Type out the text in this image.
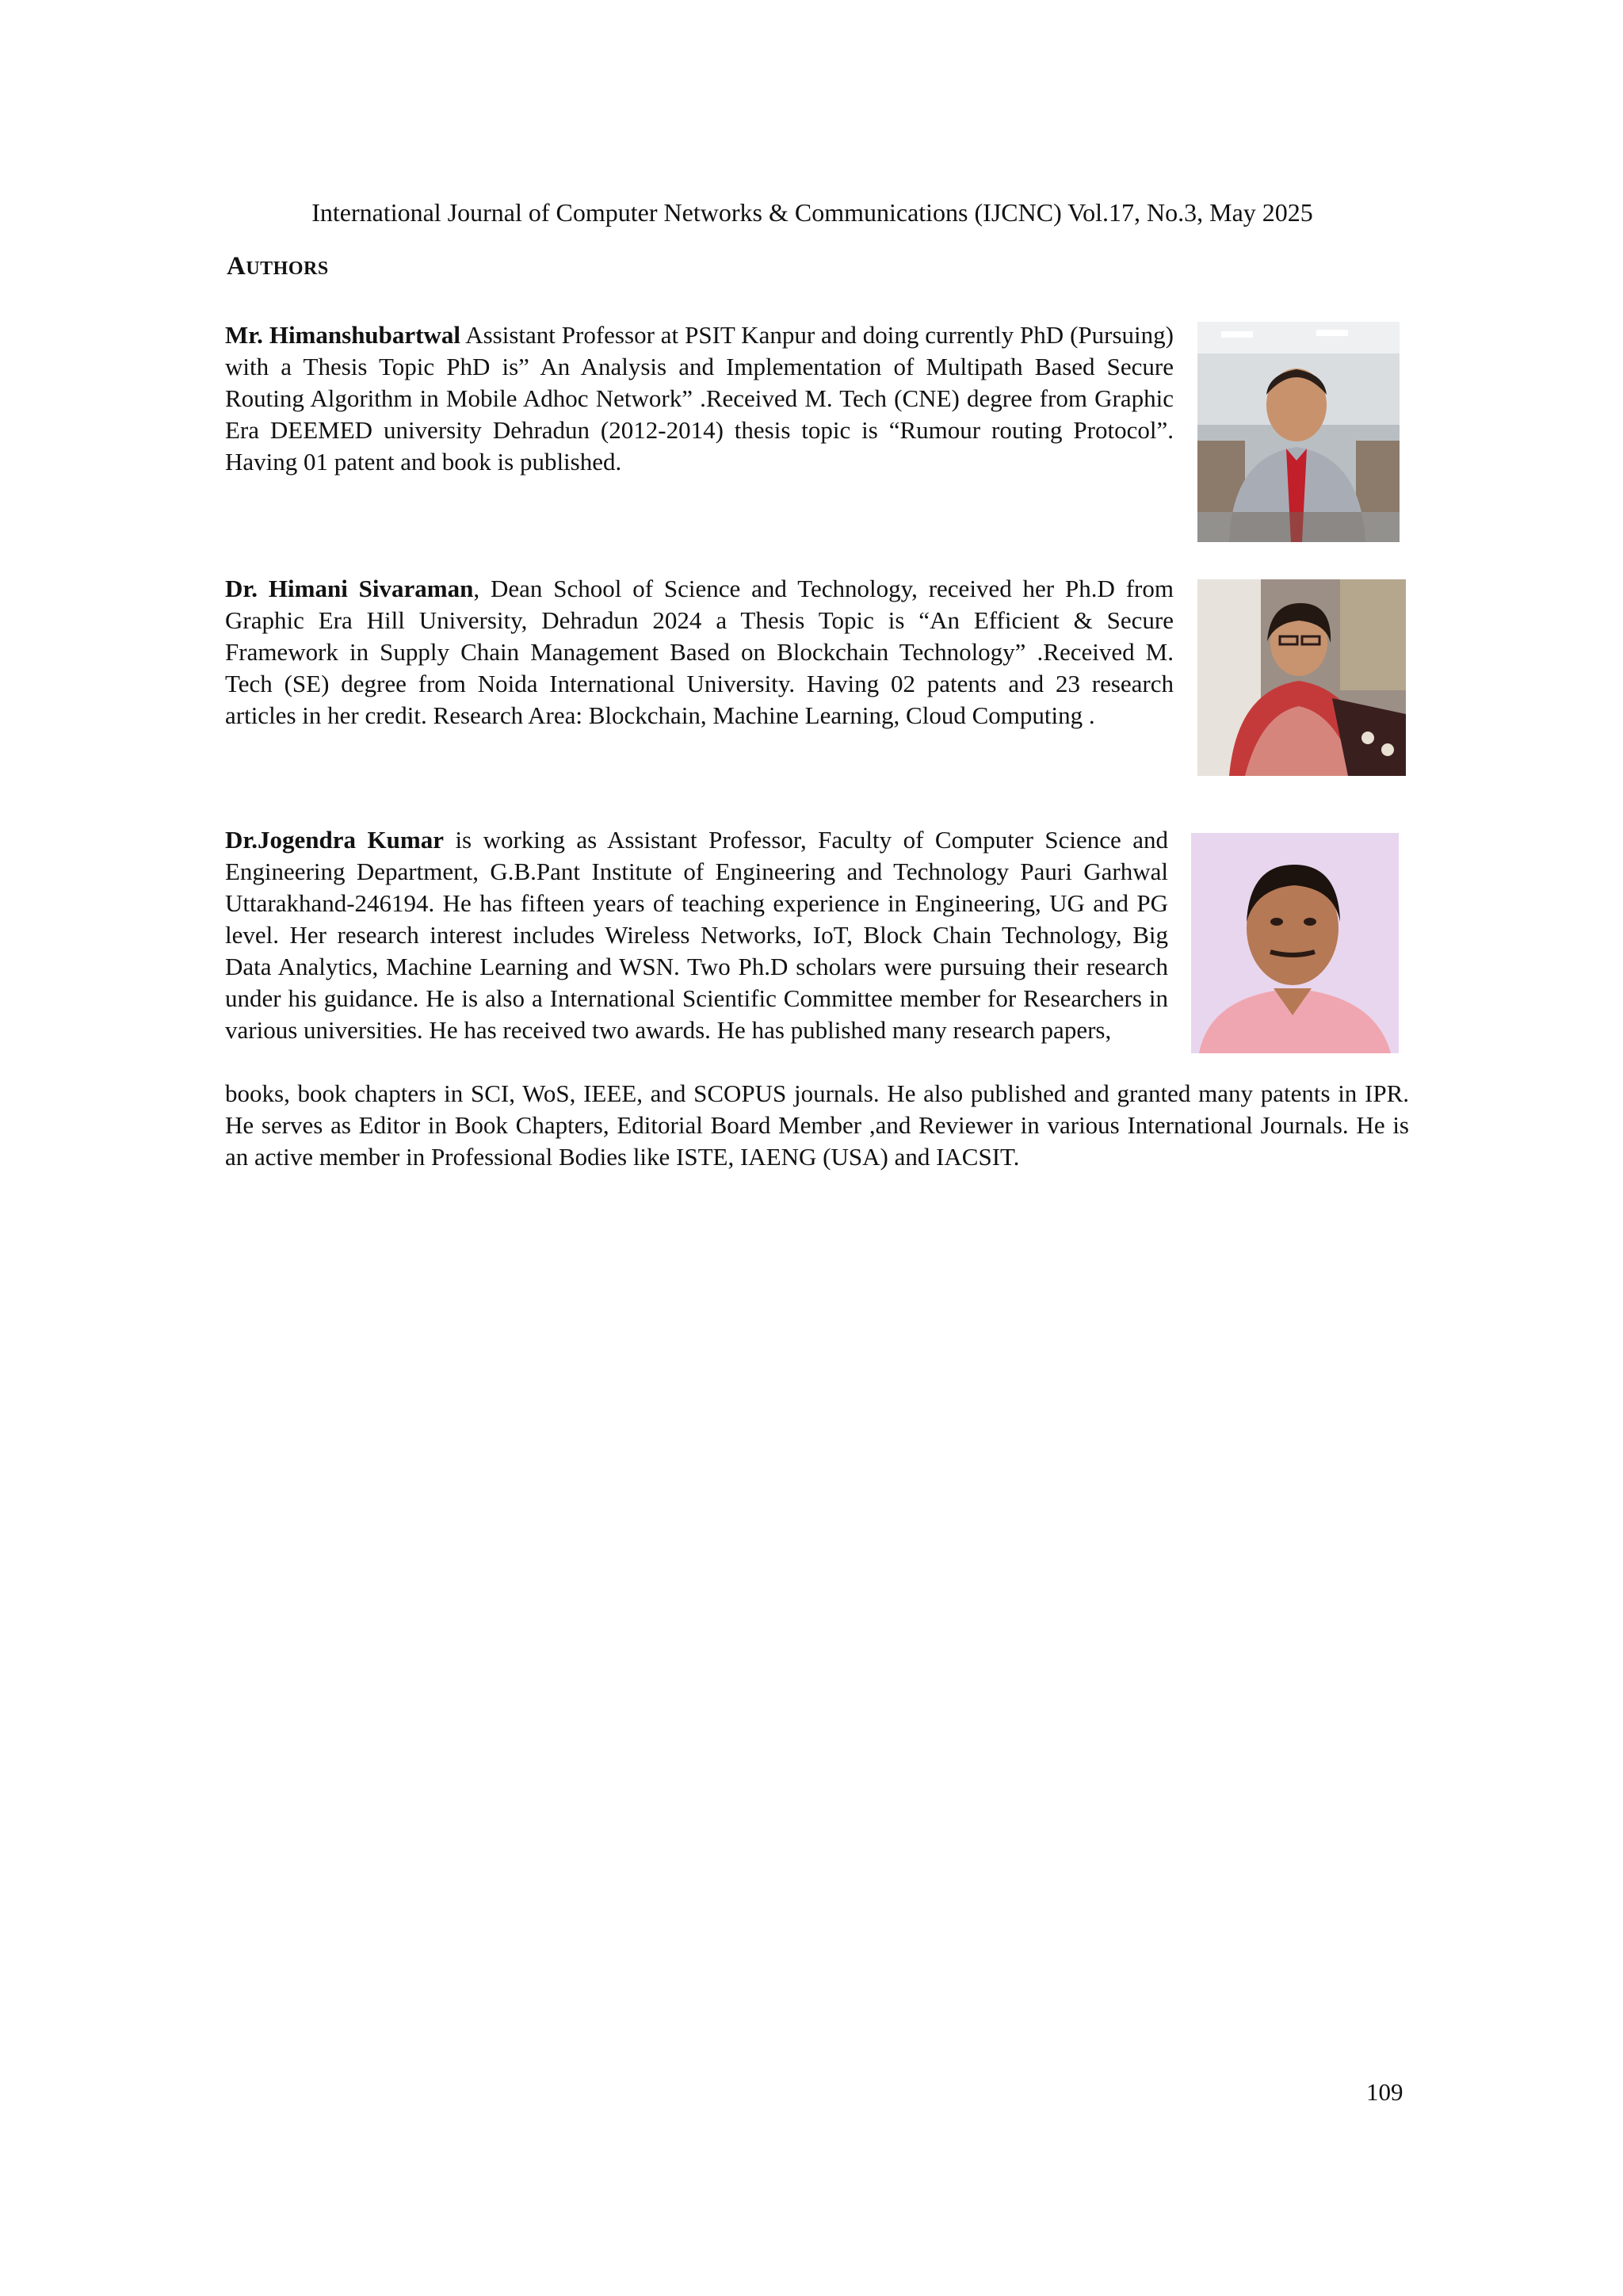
International Journal of Computer Networks & Communications (IJCNC) Vol.17, No.3, May 2025
AUTHORS
Mr. Himanshubartwal Assistant Professor at PSIT Kanpur and doing currently PhD (Pursuing) with a Thesis Topic PhD is” An Analysis and Implementation of Multipath Based Secure Routing Algorithm in Mobile Adhoc Network” .Received M. Tech (CNE) degree from Graphic Era DEEMED university Dehradun (2012-2014) thesis topic is “Rumour routing Protocol”. Having 01 patent and book is published.
Dr. Himani Sivaraman, Dean School of Science and Technology, received her Ph.D from Graphic Era Hill University, Dehradun 2024 a Thesis Topic is “An Efficient & Secure Framework in Supply Chain Management Based on Blockchain Technology” .Received M. Tech (SE) degree from Noida International University. Having 02 patents and 23 research articles in her credit. Research Area: Blockchain, Machine Learning, Cloud Computing .
Dr.Jogendra Kumar is working as Assistant Professor, Faculty of Computer Science and Engineering Department, G.B.Pant Institute of Engineering and Technology Pauri Garhwal Uttarakhand-246194. He has fifteen years of teaching experience in Engineering, UG and PG level. Her research interest includes Wireless Networks, IoT, Block Chain Technology, Big Data Analytics, Machine Learning and WSN. Two Ph.D scholars were pursuing their research under his guidance. He is also a International Scientific Committee member for Researchers in various universities. He has received two awards. He has published many research papers,
books, book chapters in SCI, WoS, IEEE, and SCOPUS journals. He also published and granted many patents in IPR. He serves as Editor in Book Chapters, Editorial Board Member ,and Reviewer in various International Journals. He is an active member in Professional Bodies like ISTE, IAENG (USA) and IACSIT.
109
